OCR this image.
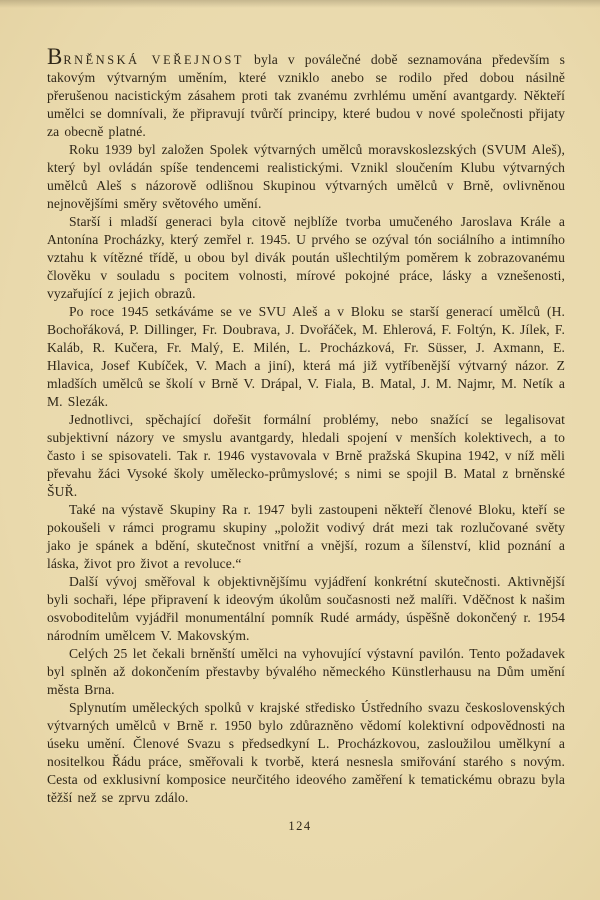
BRNĚNSKÁ VEŘEJNOST byla v poválečné době seznamována především s takovým výtvarným uměním, které vzniklo anebo se rodilo před dobou násilně přerušenou nacistickým zásahem proti tak zvanému zvrhlému umění avantgardy. Někteří umělci se domnívali, že připravují tvůrčí principy, které budou v nové společnosti přijaty za obecně platné.

Roku 1939 byl založen Spolek výtvarných umělců moravskoslezských (SVUM Aleš), který byl ovládán spíše tendencemi realistickými. Vznikl sloučením Klubu výtvarných umělců Aleš s názorově odlišnou Skupinou výtvarných umělců v Brně, ovlivněnou nejnovějšími směry světového umění.

Starší i mladší generaci byla citově nejblíže tvorba umučeného Jaroslava Krále a Antonína Procházky, který zemřel r. 1945. U prvého se ozýval tón sociálního a intimního vztahu k vítězné třídě, u obou byl divák poután ušlechtilým poměrem k zobrazovanému člověku v souladu s pocitem volnosti, mírové pokojné práce, lásky a vznešenosti, vyzařující z jejich obrazů.

Po roce 1945 setkáváme se ve SVU Aleš a v Bloku se starší generací umělců (H. Bochořáková, P. Dillinger, Fr. Doubrava, J. Dvořáček, M. Ehlerová, F. Foltýn, K. Jílek, F. Kaláb, R. Kučera, Fr. Malý, E. Milén, L. Procházková, Fr. Süsser, J. Axmann, E. Hlavica, Josef Kubíček, V. Mach a jiní), která má již vytříbenější výtvarný názor. Z mladších umělců se školí v Brně V. Drápal, V. Fiala, B. Matal, J. M. Najmr, M. Netík a M. Slezák.

Jednotlivci, spěchající dořešit formální problémy, nebo snažící se legalisovat subjektivní názory ve smyslu avantgardy, hledali spojení v menších kolektivech, a to často i se spisovateli. Tak r. 1946 vystavovala v Brně pražská Skupina 1942, v níž měli převahu žáci Vysoké školy umělecko-průmyslové; s nimi se spojil B. Matal z brněnské ŠUŘ.

Také na výstavě Skupiny Ra r. 1947 byli zastoupeni někteří členové Bloku, kteří se pokoušeli v rámci programu skupiny „položit vodivý drát mezi tak rozlučované světy jako je spánek a bdění, skutečnost vnitřní a vnější, rozum a šílenství, klid poznání a láska, život pro život a revoluce.“

Další vývoj směřoval k objektivnějšímu vyjádření konkrétní skutečnosti. Aktivnější byli sochaři, lépe připravení k ideovým úkolům současnosti než malíři. Vděčnost k našim osvoboditelům vyjádřil monumentální pomník Rudé armády, úspěšně dokončený r. 1954 národním umělcem V. Makovským.

Celých 25 let čekali brněnští umělci na vyhovující výstavní pavilón. Tento požadavek byl splněn až dokončením přestavby bývalého německého Künstlerhausu na Dům umění města Brna.

Splynutím uměleckých spolků v krajské středisko Ústředního svazu československých výtvarných umělců v Brně r. 1950 bylo zdůrazněno vědomí kolektivní odpovědnosti na úseku umění. Členové Svazu s předsedkyní L. Procházkovou, zasloužilou umělkyní a nositelkou Řádu práce, směřovali k tvorbě, která nesnesla smiřování starého s novým. Cesta od exklusivní komposice neurčitého ideového zaměření k tematickému obrazu byla těžší než se zprvu zdálo.

124
